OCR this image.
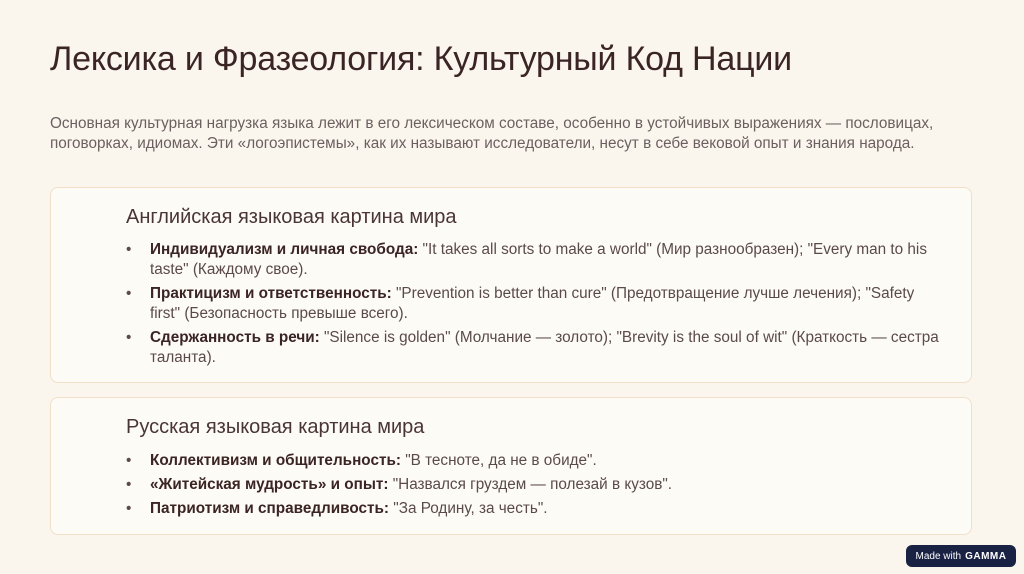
Лексика и Фразеология: Культурный Код Нации

Основная культурная нагрузка языка лежит в его лексическом составе, особенно в устойчивых выражениях — пословицах, поговорках, идиомах. Эти «логоэпистемы», как их называют исследователи, несут в себе вековой опыт и знания народа.

Английская языковая картина мира
• Индивидуализм и личная свобода: "It takes all sorts to make a world" (Мир разнообразен); "Every man to his taste" (Каждому свое).
• Практицизм и ответственность: "Prevention is better than cure" (Предотвращение лучше лечения); "Safety first" (Безопасность превыше всего).
• Сдержанность в речи: "Silence is golden" (Молчание — золото); "Brevity is the soul of wit" (Краткость — сестра таланта).
Русская языковая картина мира
• Коллективизм и общительность: "В тесноте, да не в обиде".
• «Житейская мудрость» и опыт: "Назвался груздем — полезай в кузов".
• Патриотизм и справедливость: "За Родину, за честь".
Made with GAMMA
